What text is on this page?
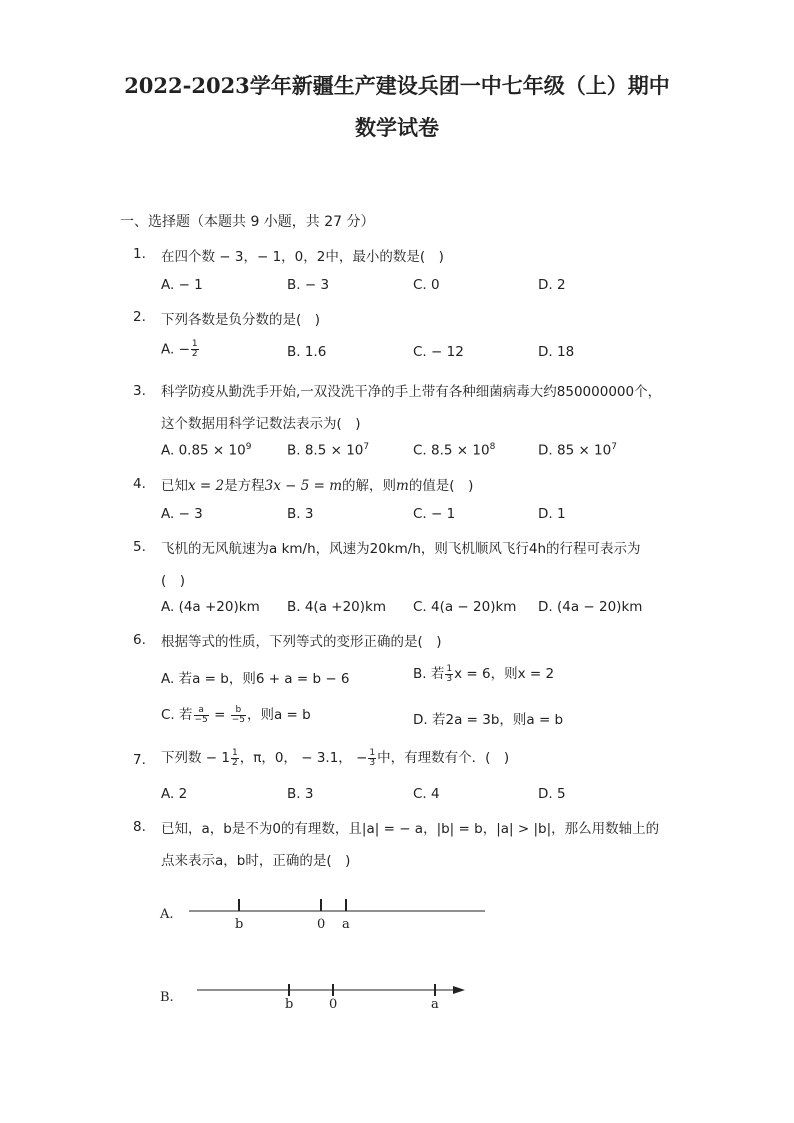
2022-2023学年新疆生产建设兵团一中七年级（上）期中
数学试卷
一、选择题（本题共 9 小题，共 27 分）
1. 在四个数 − 3，− 1，0，2中，最小的数是(　)
A. − 1	B. − 3	C. 0	D. 2
2. 下列各数是负分数的是(　)
A. − $\frac{1}{2}$	B. 1.6	C. − 12	D. 18
3. 科学防疫从勤洗手开始,一双没洗干净的手上带有各种细菌病毒大约850000000个，
这个数据用科学记数法表示为(　)
A. $0.85 \times 10^9$	B. $8.5 \times 10^7$	C. $8.5 \times 10^8$	D. $85 \times 10^7$
4. 已知x = 2是方程3x − 5 = m的解，则m的值是(　)
A. − 3	B. 3	C. − 1	D. 1
5. 飞机的无风航速为a km/h，风速为20km/h，则飞机顺风飞行4h的行程可表示为
(　)
A. (4a +20)km B. 4(a +20)km C. 4(a − 20)km D. (4a − 20)km
6. 根据等式的性质，下列等式的变形正确的是(　)
A. 若a = b，则6 + a = b − 6	B. 若 $\frac{1}{3}$ x = 6，则x = 2
C. 若 $\frac{a}{-5} = \frac{b}{-5}$ ，则a = b	D. 若2a = 3b，则a = b
7. 下列数 − $1 \frac{1}{2}$ ，π，0， − 3.1， − $\frac{1}{3}$ 中，有理数有个．(　)
A. 2	B. 3	C. 4	D. 5
8. 已知，a，b是不为0的有理数，且|a| = − a，|b| = b，|a| > |b|，那么用数轴上的
点来表示a，b时，正确的是(　)
A.
b	0 a
B.	b	0	a
